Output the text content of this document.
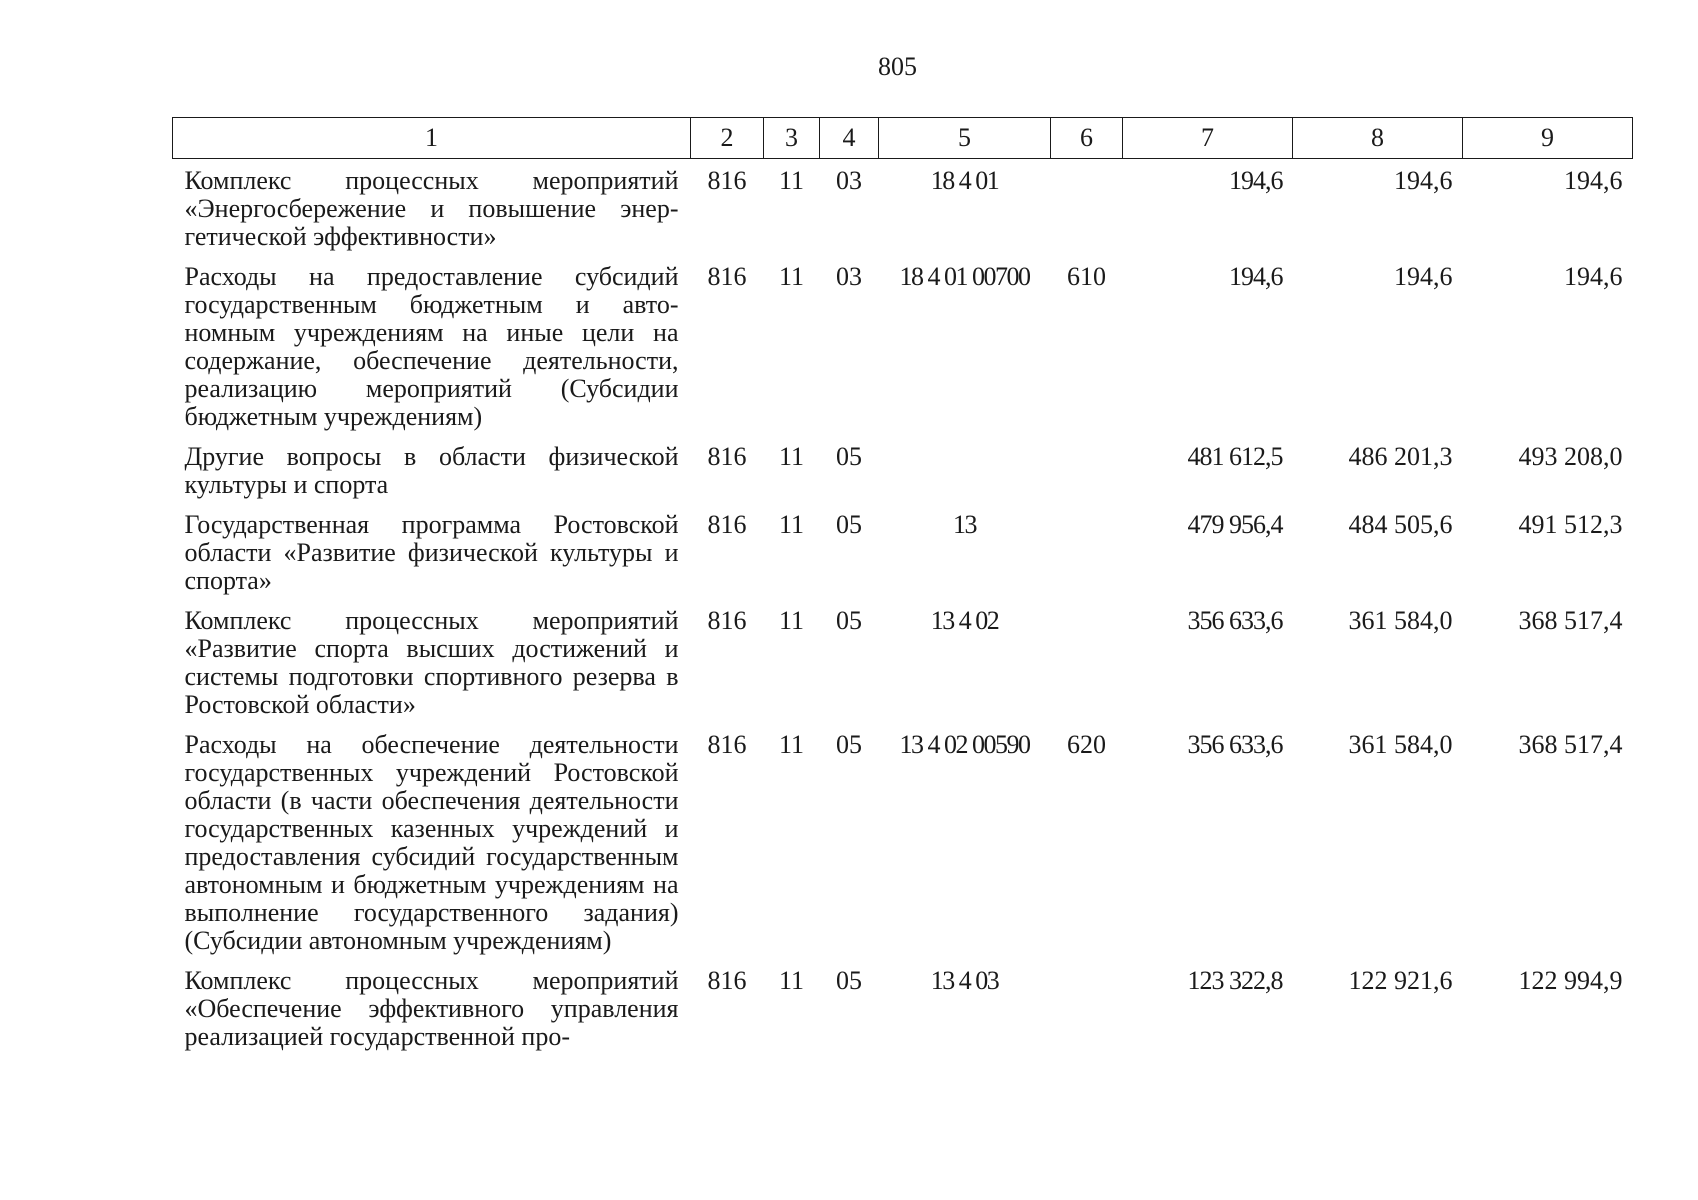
805
1	2	3	4	5	6	7	8	9
Комплекс процессных мероприятий «Энергосбережение и повышение энергетической эффективности»	816	11	03	18 4 01		194,6	194,6	194,6
Расходы на предоставление субсидий государственным бюджетным и автономным учреждениям на иные цели на содержание, обеспечение деятельности, реализацию мероприятий (Субсидии бюджетным учреждениям)	816	11	03	18 4 01 00700	610	194,6	194,6	194,6
Другие вопросы в области физической культуры и спорта	816	11	05			481 612,5	486 201,3	493 208,0
Государственная программа Ростовской области «Развитие физической культуры и спорта»	816	11	05	13		479 956,4	484 505,6	491 512,3
Комплекс процессных мероприятий «Развитие спорта высших достижений и системы подготовки спортивного резерва в Ростовской области»	816	11	05	13 4 02		356 633,6	361 584,0	368 517,4
Расходы на обеспечение деятельности государственных учреждений Ростовской области (в части обеспечения деятельности государственных казенных учреждений и предоставления субсидий государственным автономным и бюджетным учреждениям на выполнение государственного задания) (Субсидии автономным учреждениям)	816	11	05	13 4 02 00590	620	356 633,6	361 584,0	368 517,4
Комплекс процессных мероприятий «Обеспечение эффективного управления реализацией государственной про-	816	11	05	13 4 03		123 322,8	122 921,6	122 994,9
